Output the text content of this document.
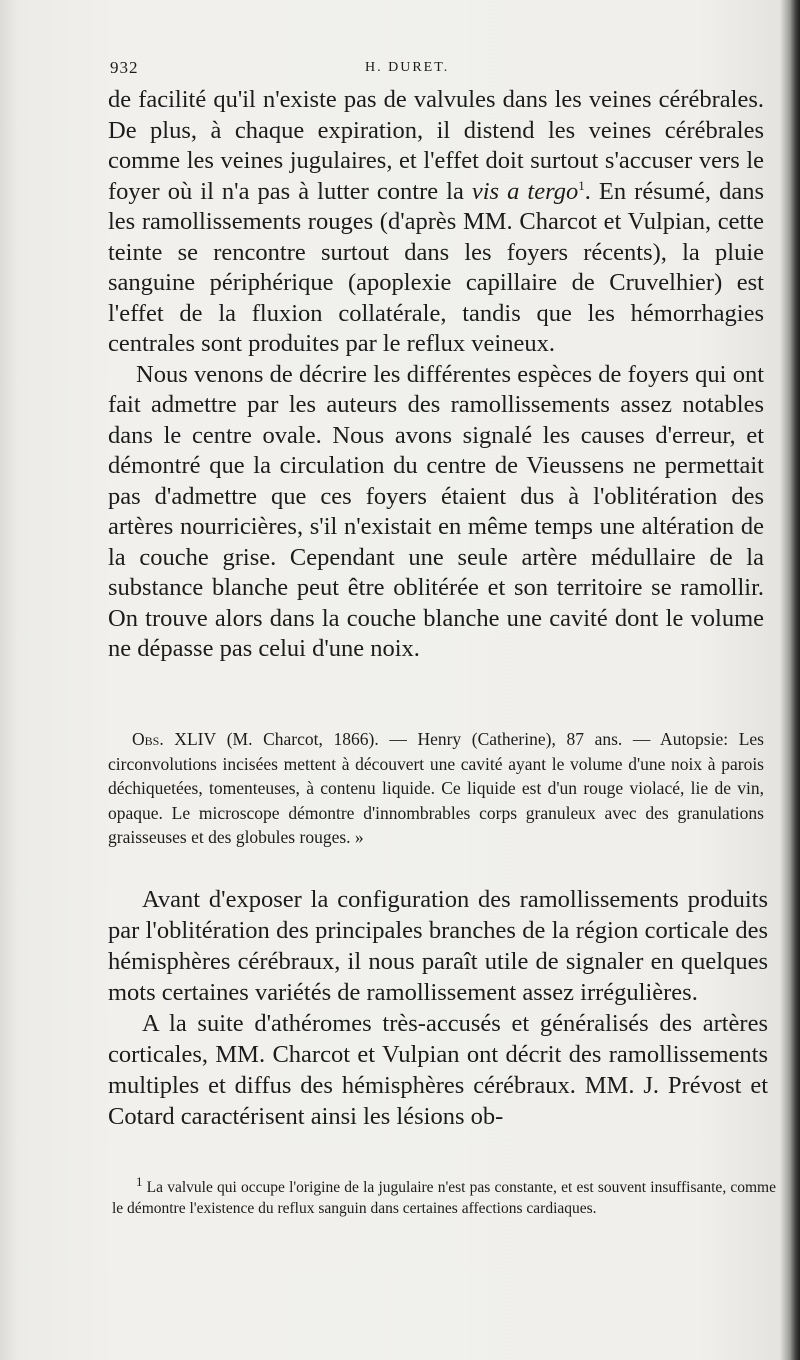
932	H. DURET.

de facilité qu'il n'existe pas de valvules dans les veines cérébrales. De plus, à chaque expiration, il distend les veines cérébrales comme les veines jugulaires, et l'effet doit surtout s'accuser vers le foyer où il n'a pas à lutter contre la vis a tergo$^1$. En résumé, dans les ramollissements rouges (d'après MM. Charcot et Vulpian, cette teinte se rencontre surtout dans les foyers récents), la pluie sanguine périphérique (apoplexie capillaire de Cruvelhier) est l'effet de la fluxion collatérale, tandis que les hémorrhagies centrales sont produites par le reflux veineux.

Nous venons de décrire les différentes espèces de foyers qui ont fait admettre par les auteurs des ramollissements assez notables dans le centre ovale. Nous avons signalé les causes d'erreur, et démontré que la circulation du centre de Vieussens ne permettait pas d'admettre que ces foyers étaient dus à l'oblitération des artères nourricières, s'il n'existait en même temps une altération de la couche grise. Cependant une seule artère médullaire de la substance blanche peut être oblitérée et son territoire se ramollir. On trouve alors dans la couche blanche une cavité dont le volume ne dépasse pas celui d'une noix.

Obs. XLIV (M. Charcot, 1866). — Henry (Catherine), 87 ans. — Autopsie: Les circonvolutions incisées mettent à découvert une cavité ayant le volume d'une noix à parois déchiquetées, tomenteuses, à contenu liquide. Ce liquide est d'un rouge violacé, lie de vin, opaque. Le microscope démontre d'innombrables corps granuleux avec des granulations graisseuses et des globules rouges. »

Avant d'exposer la configuration des ramollissements produits par l'oblitération des principales branches de la région corticale des hémisphères cérébraux, il nous paraît utile de signaler en quelques mots certaines variétés de ramollissement assez irrégulières.

A la suite d'athéromes très-accusés et généralisés des artères corticales, MM. Charcot et Vulpian ont décrit des ramollissements multiples et diffus des hémisphères cérébraux. MM. J. Prévost et Cotard caractérisent ainsi les lésions ob-

$^1$ La valvule qui occupe l'origine de la jugulaire n'est pas constante, et est souvent insuffisante, comme le démontre l'existence du reflux sanguin dans certaines affections cardiaques.
